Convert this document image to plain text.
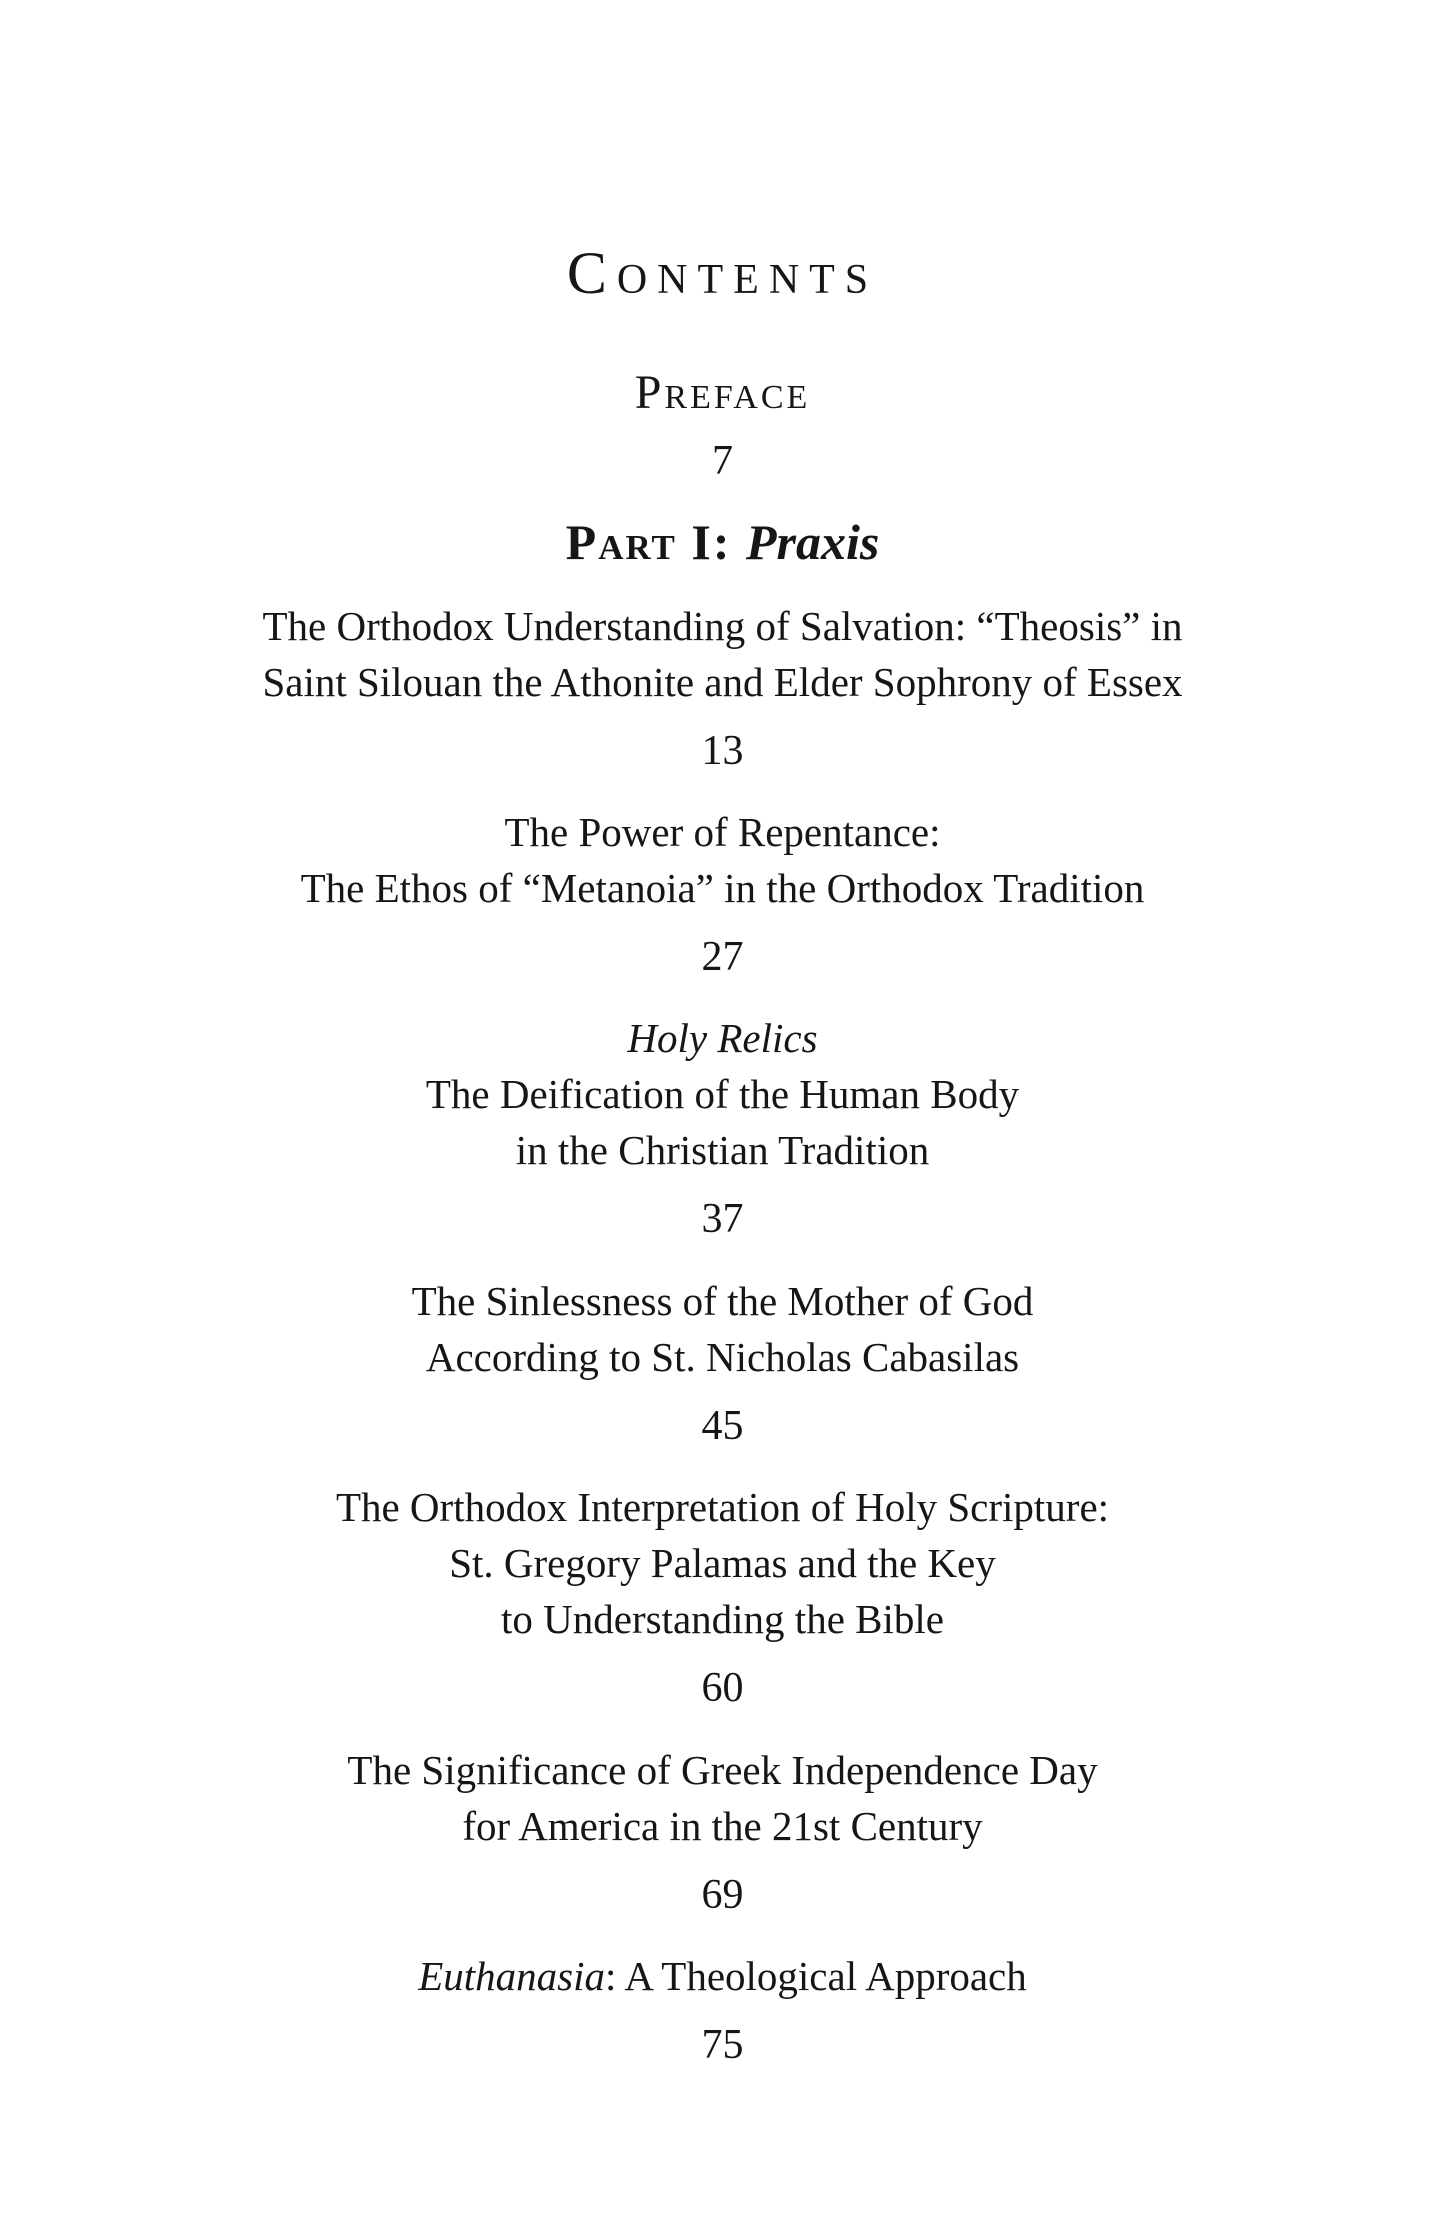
Contents
Preface
7
Part I: Praxis
The Orthodox Understanding of Salvation: “Theosis” in
Saint Silouan the Athonite and Elder Sophrony of Essex
13
The Power of Repentance:
The Ethos of “Metanoia” in the Orthodox Tradition
27
Holy Relics
The Deification of the Human Body
in the Christian Tradition
37
The Sinlessness of the Mother of God
According to St. Nicholas Cabasilas
45
The Orthodox Interpretation of Holy Scripture:
St. Gregory Palamas and the Key
to Understanding the Bible
60
The Significance of Greek Independence Day
for America in the 21st Century
69
Euthanasia: A Theological Approach
75
